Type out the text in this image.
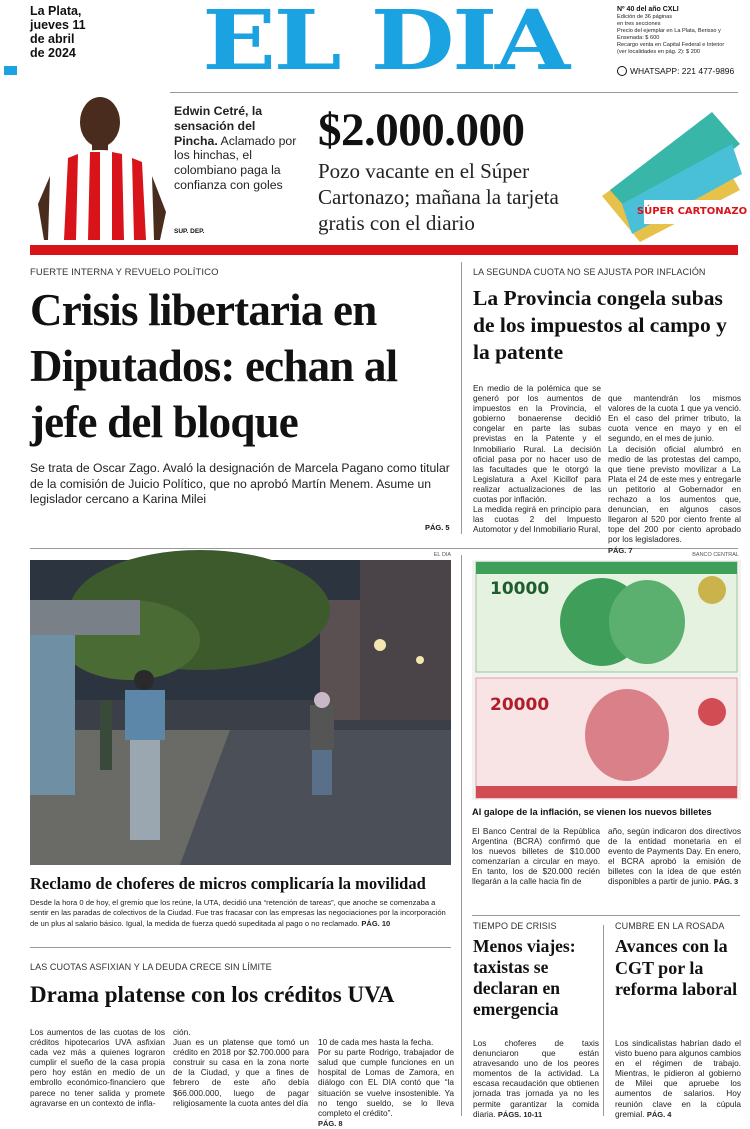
La Plata,
jueves 11
de abril
de 2024	EL DIA	Nº 40 del año CXLI
Edición de 36 páginas
en tres secciones
Precio del ejemplar en La Plata, Berisso y
Ensenada: $ 600
Recargo venta en Capital Federal e Interior
(ver localidades en pág. 2): $ 200
WHATSAPP: 221 477-9896
Edwin Cetré, la sensación del Pincha. Aclamado por los hinchas, el colombiano paga la confianza con goles
SUP. DEP.
$2.000.000
Pozo vacante en el Súper Cartonazo; mañana la tarjeta gratis con el diario	SÚPER CARTONAZO
FUERTE INTERNA Y REVUELO POLÍTICO
Crisis libertaria en Diputados: echan al jefe del bloque
Se trata de Oscar Zago. Avaló la designación de Marcela Pagano como titular de la comisión de Juicio Político, que no aprobó Martín Menem. Asume un legislador cercano a Karina Milei
PÁG. 5
LA SEGUNDA CUOTA NO SE AJUSTA POR INFLACIÓN
La Provincia congela subas de los impuestos al campo y la patente
En medio de la polémica que se generó por los aumentos de impuestos en la Provincia, el gobierno bonaerense decidió congelar en parte las subas previstas en la Patente y el Inmobiliario Rural. La decisión oficial pasa por no hacer uso de las facultades que le otorgó la Legislatura a Axel Kicillof para realizar actualizaciones de las cuotas por inflación.
La medida regirá en principio para las cuotas 2 del Impuesto Automotor y del Inmobiliario Rural,

que mantendrán los mismos valores de la cuota 1 que ya venció. En el caso del primer tributo, la cuota vence en mayo y en el segundo, en el mes de junio.
La decisión oficial alumbró en medio de las protestas del campo, que tiene previsto movilizar a La Plata el 24 de este mes y entregarle un petitorio al Gobernador en rechazo a los aumentos que, denuncian, en algunos casos llegaron al 520 por ciento frente al tope del 200 por ciento aprobado por los legisladores.
PÁG. 7

EL DIA
Reclamo de choferes de micros complicaría la movilidad
Desde la hora 0 de hoy, el gremio que los reúne, la UTA, decidió una “retención de tareas”, que anoche se comenzaba a sentir en las paradas de colectivos de la Ciudad. Fue tras fracasar con las empresas las negociaciones por la incorporación de un plus al salario básico. Igual, la medida de fuerza quedó supeditada al pago o no reclamado. PÁG. 10
BANCO CENTRAL
10000
20000
Al galope de la inflación, se vienen los nuevos billetes
El Banco Central de la República Argentina (BCRA) confirmó que los nuevos billetes de $10.000 comenzarían a circular en mayo. En tanto, los de $20.000 recién llegarán a la calle hacia fin de
año, según indicaron dos directivos de la entidad monetaria en el evento de Payments Day. En enero, el BCRA aprobó la emisión de billetes con la idea de que estén disponibles a partir de junio. PÁG. 3
LAS CUOTAS ASFIXIAN Y LA DEUDA CRECE SIN LÍMITE
Drama platense con los créditos UVA
Los aumentos de las cuotas de los créditos hipotecarios UVA asfixian cada vez más a quienes lograron cumplir el sueño de la casa propia pero hoy están en medio de un embrollo económico-financiero que parece no tener salida y promete agravarse en un contexto de infla-
ción.
Juan es un platense que tomó un crédito en 2018 por $2.700.000 para construir su casa en la zona norte de la Ciudad, y que a fines de febrero de este año debía $66.000.000, luego de pagar religiosamente la cuota antes del día

10 de cada mes hasta la fecha.
Por su parte Rodrigo, trabajador de salud que cumple funciones en un hospital de Lomas de Zamora, en diálogo con EL DIA contó que “la situación se vuelve insostenible. Ya no tengo sueldo, se lo lleva completo el crédito”.
PÁG. 8

TIEMPO DE CRISIS
Menos viajes: taxistas se declaran en emergencia
Los choferes de taxis denunciaron que están atravesando uno de los peores momentos de la actividad. La escasa recaudación que obtienen jornada tras jornada ya no les permite garantizar la comida diaria. PÁGS. 10-11
CUMBRE EN LA ROSADA
Avances con la CGT por la reforma laboral
Los sindicalistas habrían dado el visto bueno para algunos cambios en el régimen de trabajo. Mientras, le pidieron al gobierno de Milei que apruebe los aumentos de salarios. Hoy reunión clave en la cúpula gremial. PÁG. 4
